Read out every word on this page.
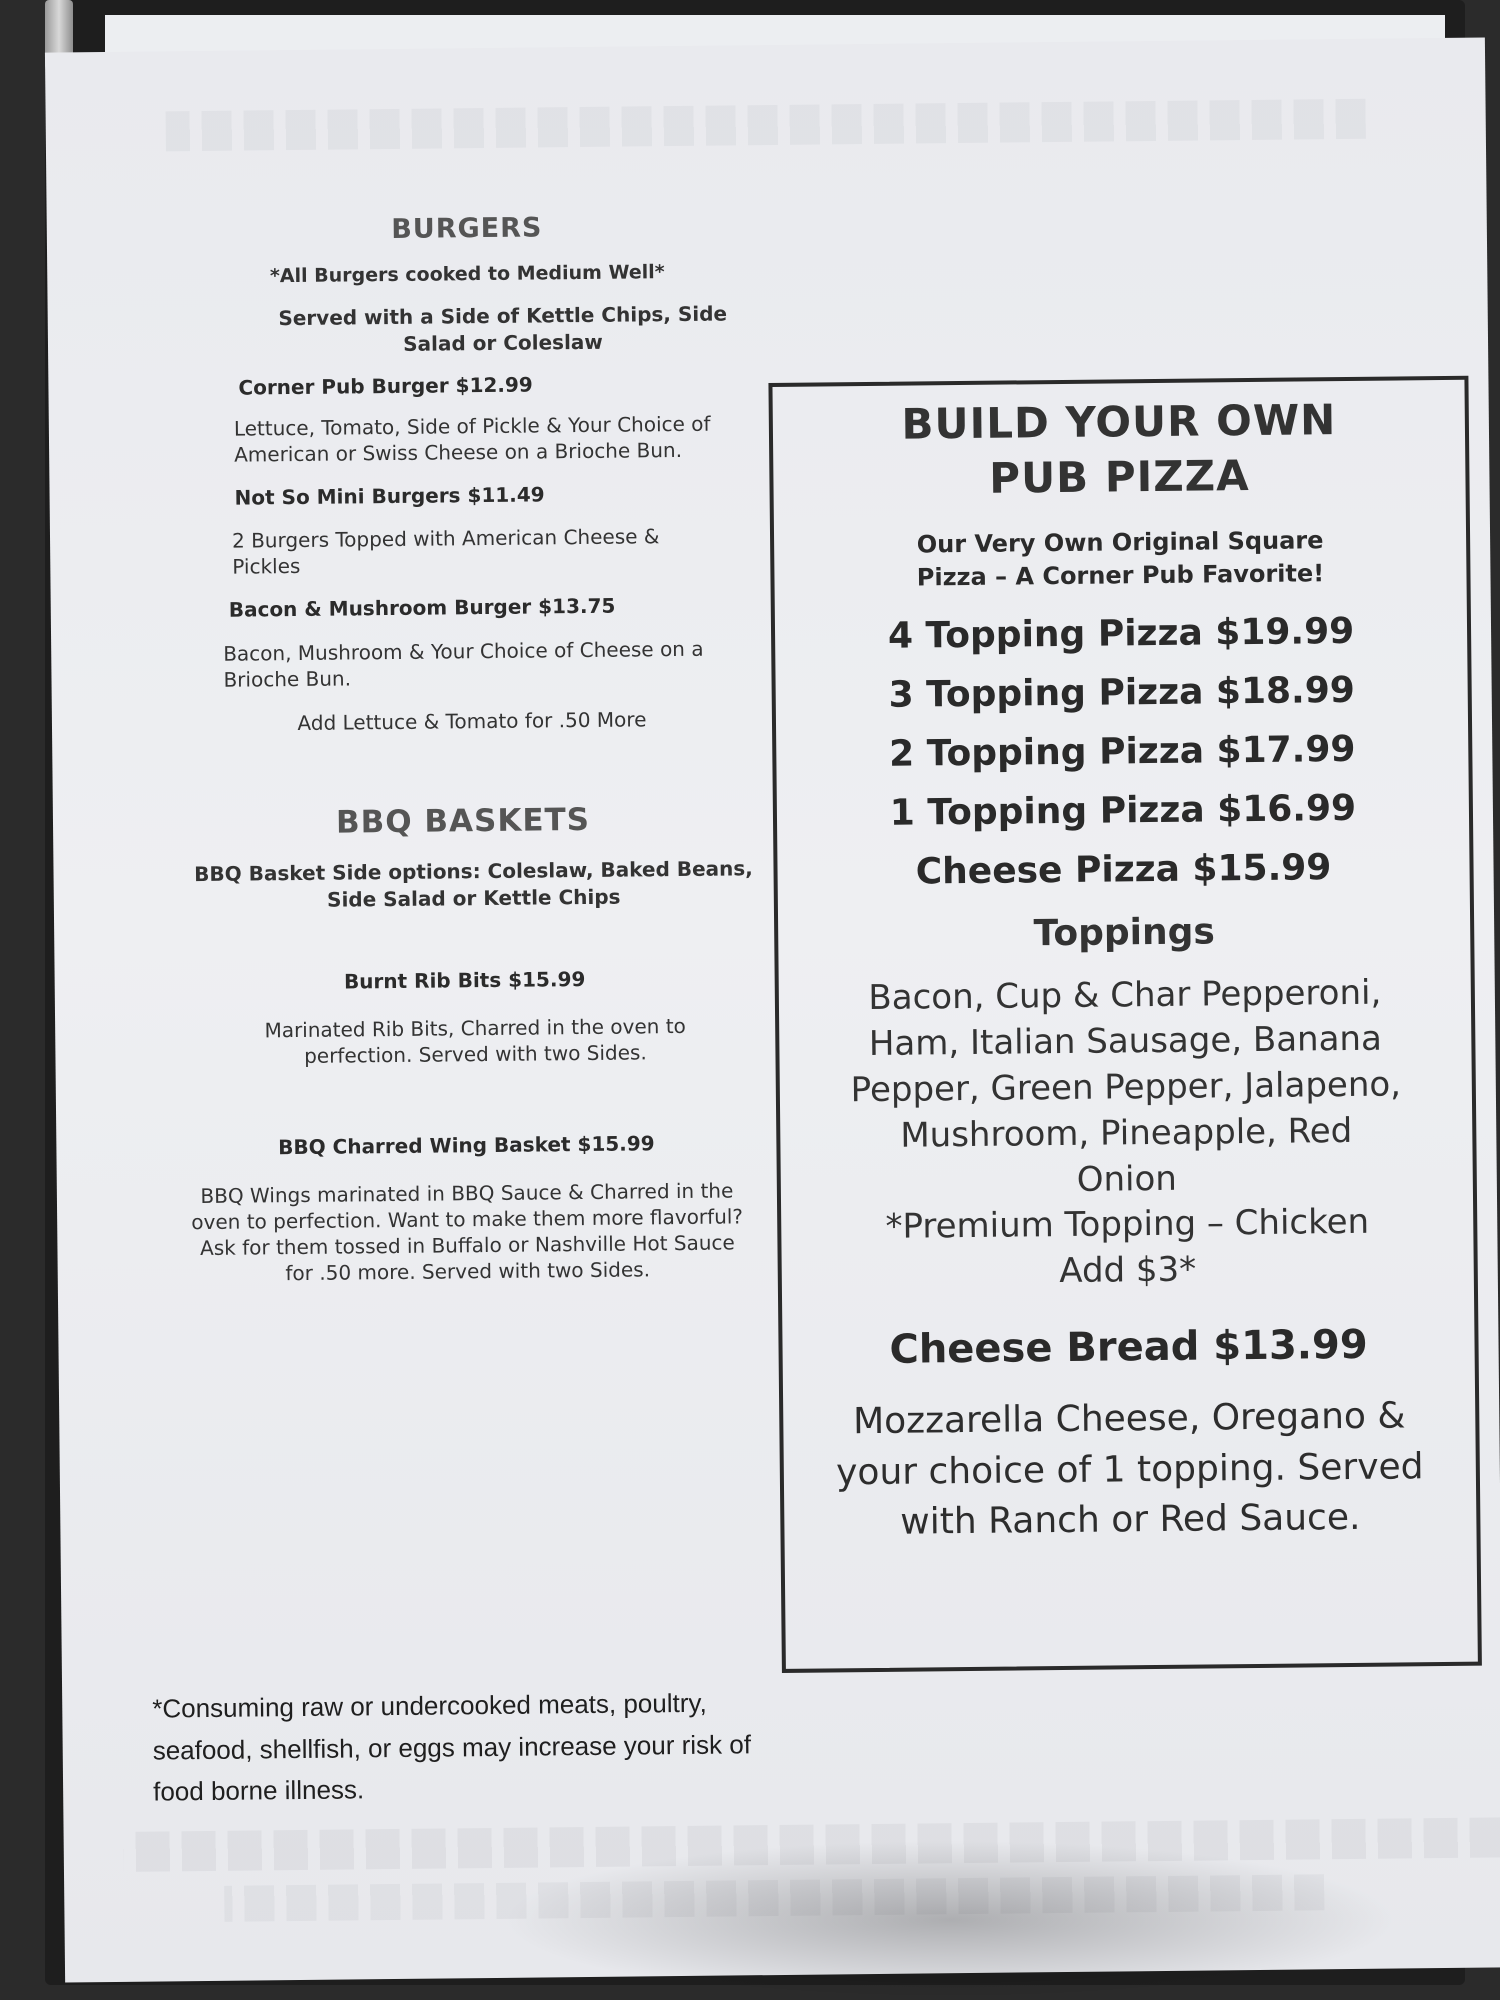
BURGERS

*All Burgers cooked to Medium Well*

Served with a Side of Kettle Chips, Side Salad or Coleslaw

Corner Pub Burger $12.99

Lettuce, Tomato, Side of Pickle & Your Choice of American or Swiss Cheese on a Brioche Bun.

Not So Mini Burgers $11.49

2 Burgers Topped with American Cheese & Pickles

Bacon & Mushroom Burger $13.75

Bacon, Mushroom & Your Choice of Cheese on a Brioche Bun.

Add Lettuce & Tomato for .50 More

BBQ BASKETS

BBQ Basket Side options: Coleslaw, Baked Beans, Side Salad or Kettle Chips

Burnt Rib Bits $15.99

Marinated Rib Bits, Charred in the oven to perfection. Served with two Sides.

BBQ Charred Wing Basket $15.99

BBQ Wings marinated in BBQ Sauce & Charred in the oven to perfection. Want to make them more flavorful? Ask for them tossed in Buffalo or Nashville Hot Sauce for .50 more. Served with two Sides.

BUILD YOUR OWN

PUB PIZZA

Our Very Own Original Square Pizza – A Corner Pub Favorite!

4 Topping Pizza $19.99

3 Topping Pizza $18.99

2 Topping Pizza $17.99

1 Topping Pizza $16.99

Cheese Pizza $15.99

Toppings

Bacon, Cup & Char Pepperoni, Ham, Italian Sausage, Banana Pepper, Green Pepper, Jalapeno, Mushroom, Pineapple, Red Onion

*Premium Topping – Chicken Add $3*

Cheese Bread $13.99

Mozzarella Cheese, Oregano & your choice of 1 topping. Served with Ranch or Red Sauce.

*Consuming raw or undercooked meats, poultry, seafood, shellfish, or eggs may increase your risk of food borne illness.
